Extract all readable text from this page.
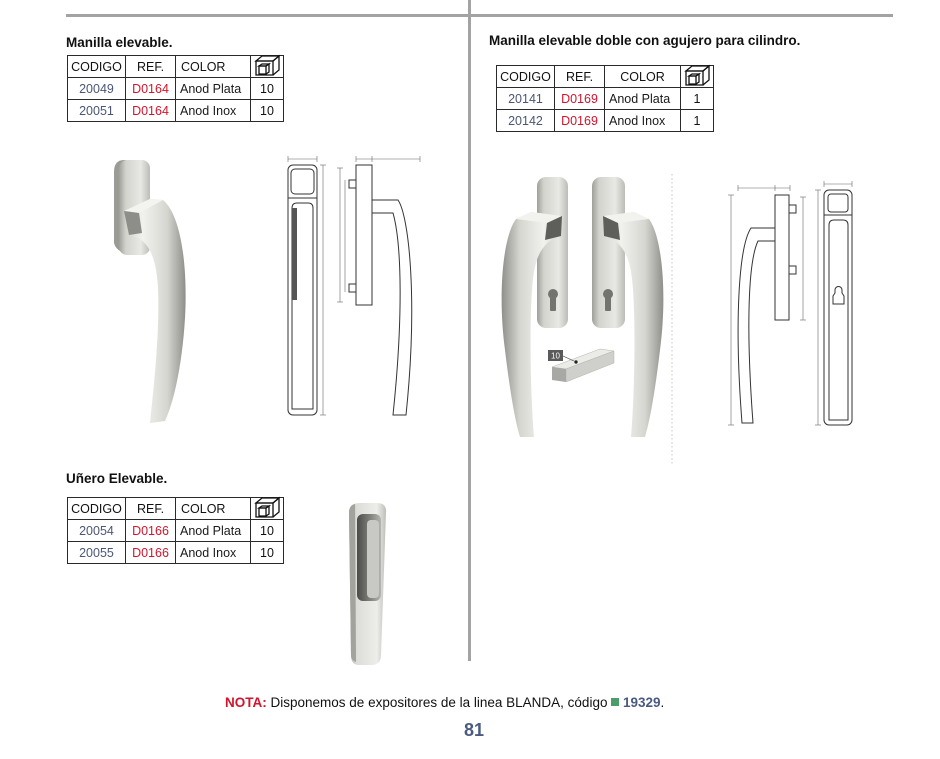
10
Manilla elevable.
CODIGO	REF.	COLOR	

20049	D0164	Anod Plata	10
20051	D0164	Anod Inox	10
Uñero Elevable.
CODIGO	REF.	COLOR	

20054	D0166	Anod Plata	10
20055	D0166	Anod Inox	10
Manilla elevable doble con agujero para cilindro.
CODIGO	REF.	COLOR	

20141	D0169	Anod Plata	1
20142	D0169	Anod Inox	1
NOTA: Disponemos de expositores de la linea BLANDA, código 19329.
81
